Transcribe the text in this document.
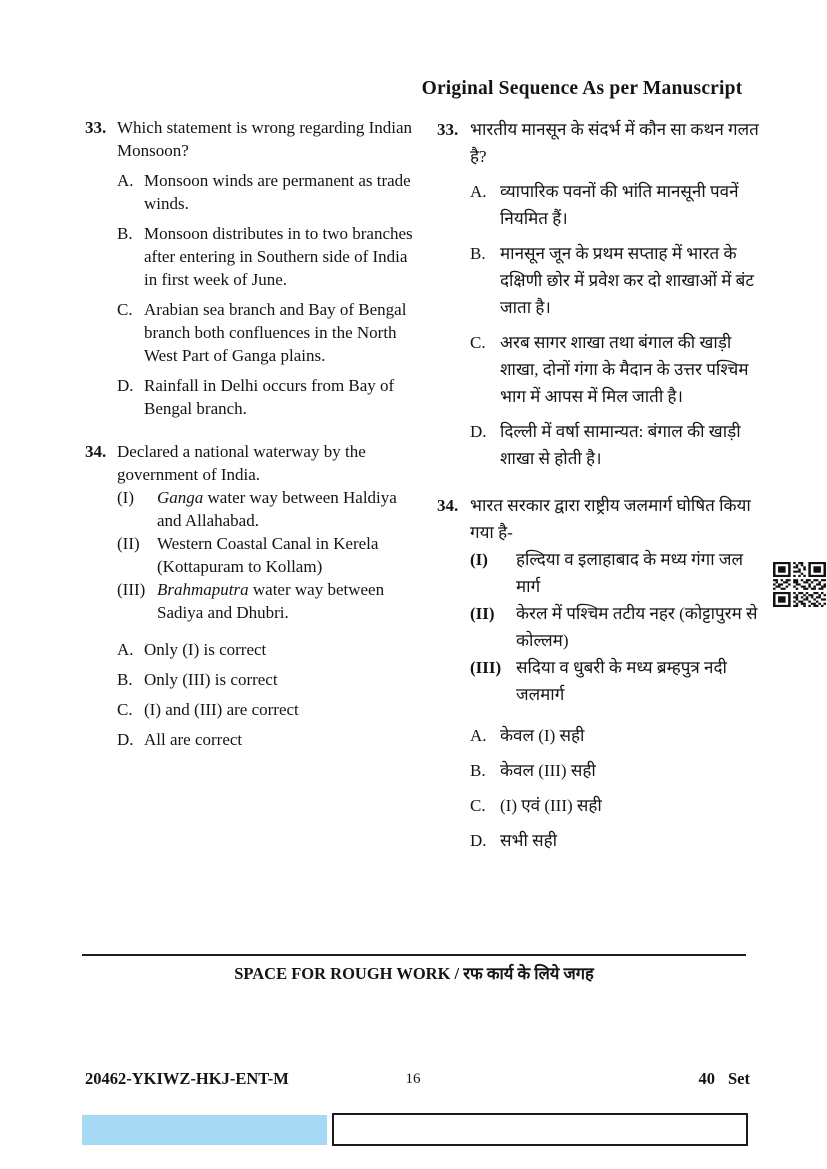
Original Sequence As per Manuscript
33. Which statement is wrong regarding Indian Monsoon?
A. Monsoon winds are permanent as trade winds.
B. Monsoon distributes in to two branches after entering in Southern side of India in first week of June.
C. Arabian sea branch and Bay of Bengal branch both confluences in the North West Part of Ganga plains.
D. Rainfall in Delhi occurs from Bay of Bengal branch.
34. Declared a national waterway by the government of India.
(I)	Ganga water way between Haldiya and Allahabad.
(II)	Western Coastal Canal in Kerela (Kottapuram to Kollam)
(III) Brahmaputra water way between Sadiya and Dhubri.
A. Only (I) is correct
B. Only (III) is correct
C. (I) and (III) are correct
D. All are correct
33. भारतीय मानसून के संदर्भ में कौन सा कथन गलत है?
A. व्यापारिक पवनों की भांति मानसूनी पवनें नियमित हैं।
B. मानसून जून के प्रथम सप्ताह में भारत के दक्षिणी छोर में प्रवेश कर दो शाखाओं में बंट जाता है।
C. अरब सागर शाखा तथा बंगाल की खाड़ी शाखा, दोनों गंगा के मैदान के उत्तर पश्चिम भाग में आपस में मिल जाती है।
D. दिल्ली में वर्षा सामान्यत: बंगाल की खाड़ी शाखा से होती है।
34. भारत सरकार द्वारा राष्ट्रीय जलमार्ग घोषित किया गया है-
(I)	हल्दिया व इलाहाबाद के मध्य गंगा जल मार्ग
(II)	केरल में पश्चिम तटीय नहर (कोट्टापुरम से कोल्लम)
(III) सदिया व धुबरी के मध्य ब्रम्हपुत्र नदी जलमार्ग
A. केवल (I) सही
B. केवल (III) सही
C. (I) एवं (III) सही
D. सभी सही
SPACE FOR ROUGH WORK / रफ कार्य के लिये जगह
20462-YKIWZ-HKJ-ENT-M	16	40 Set
